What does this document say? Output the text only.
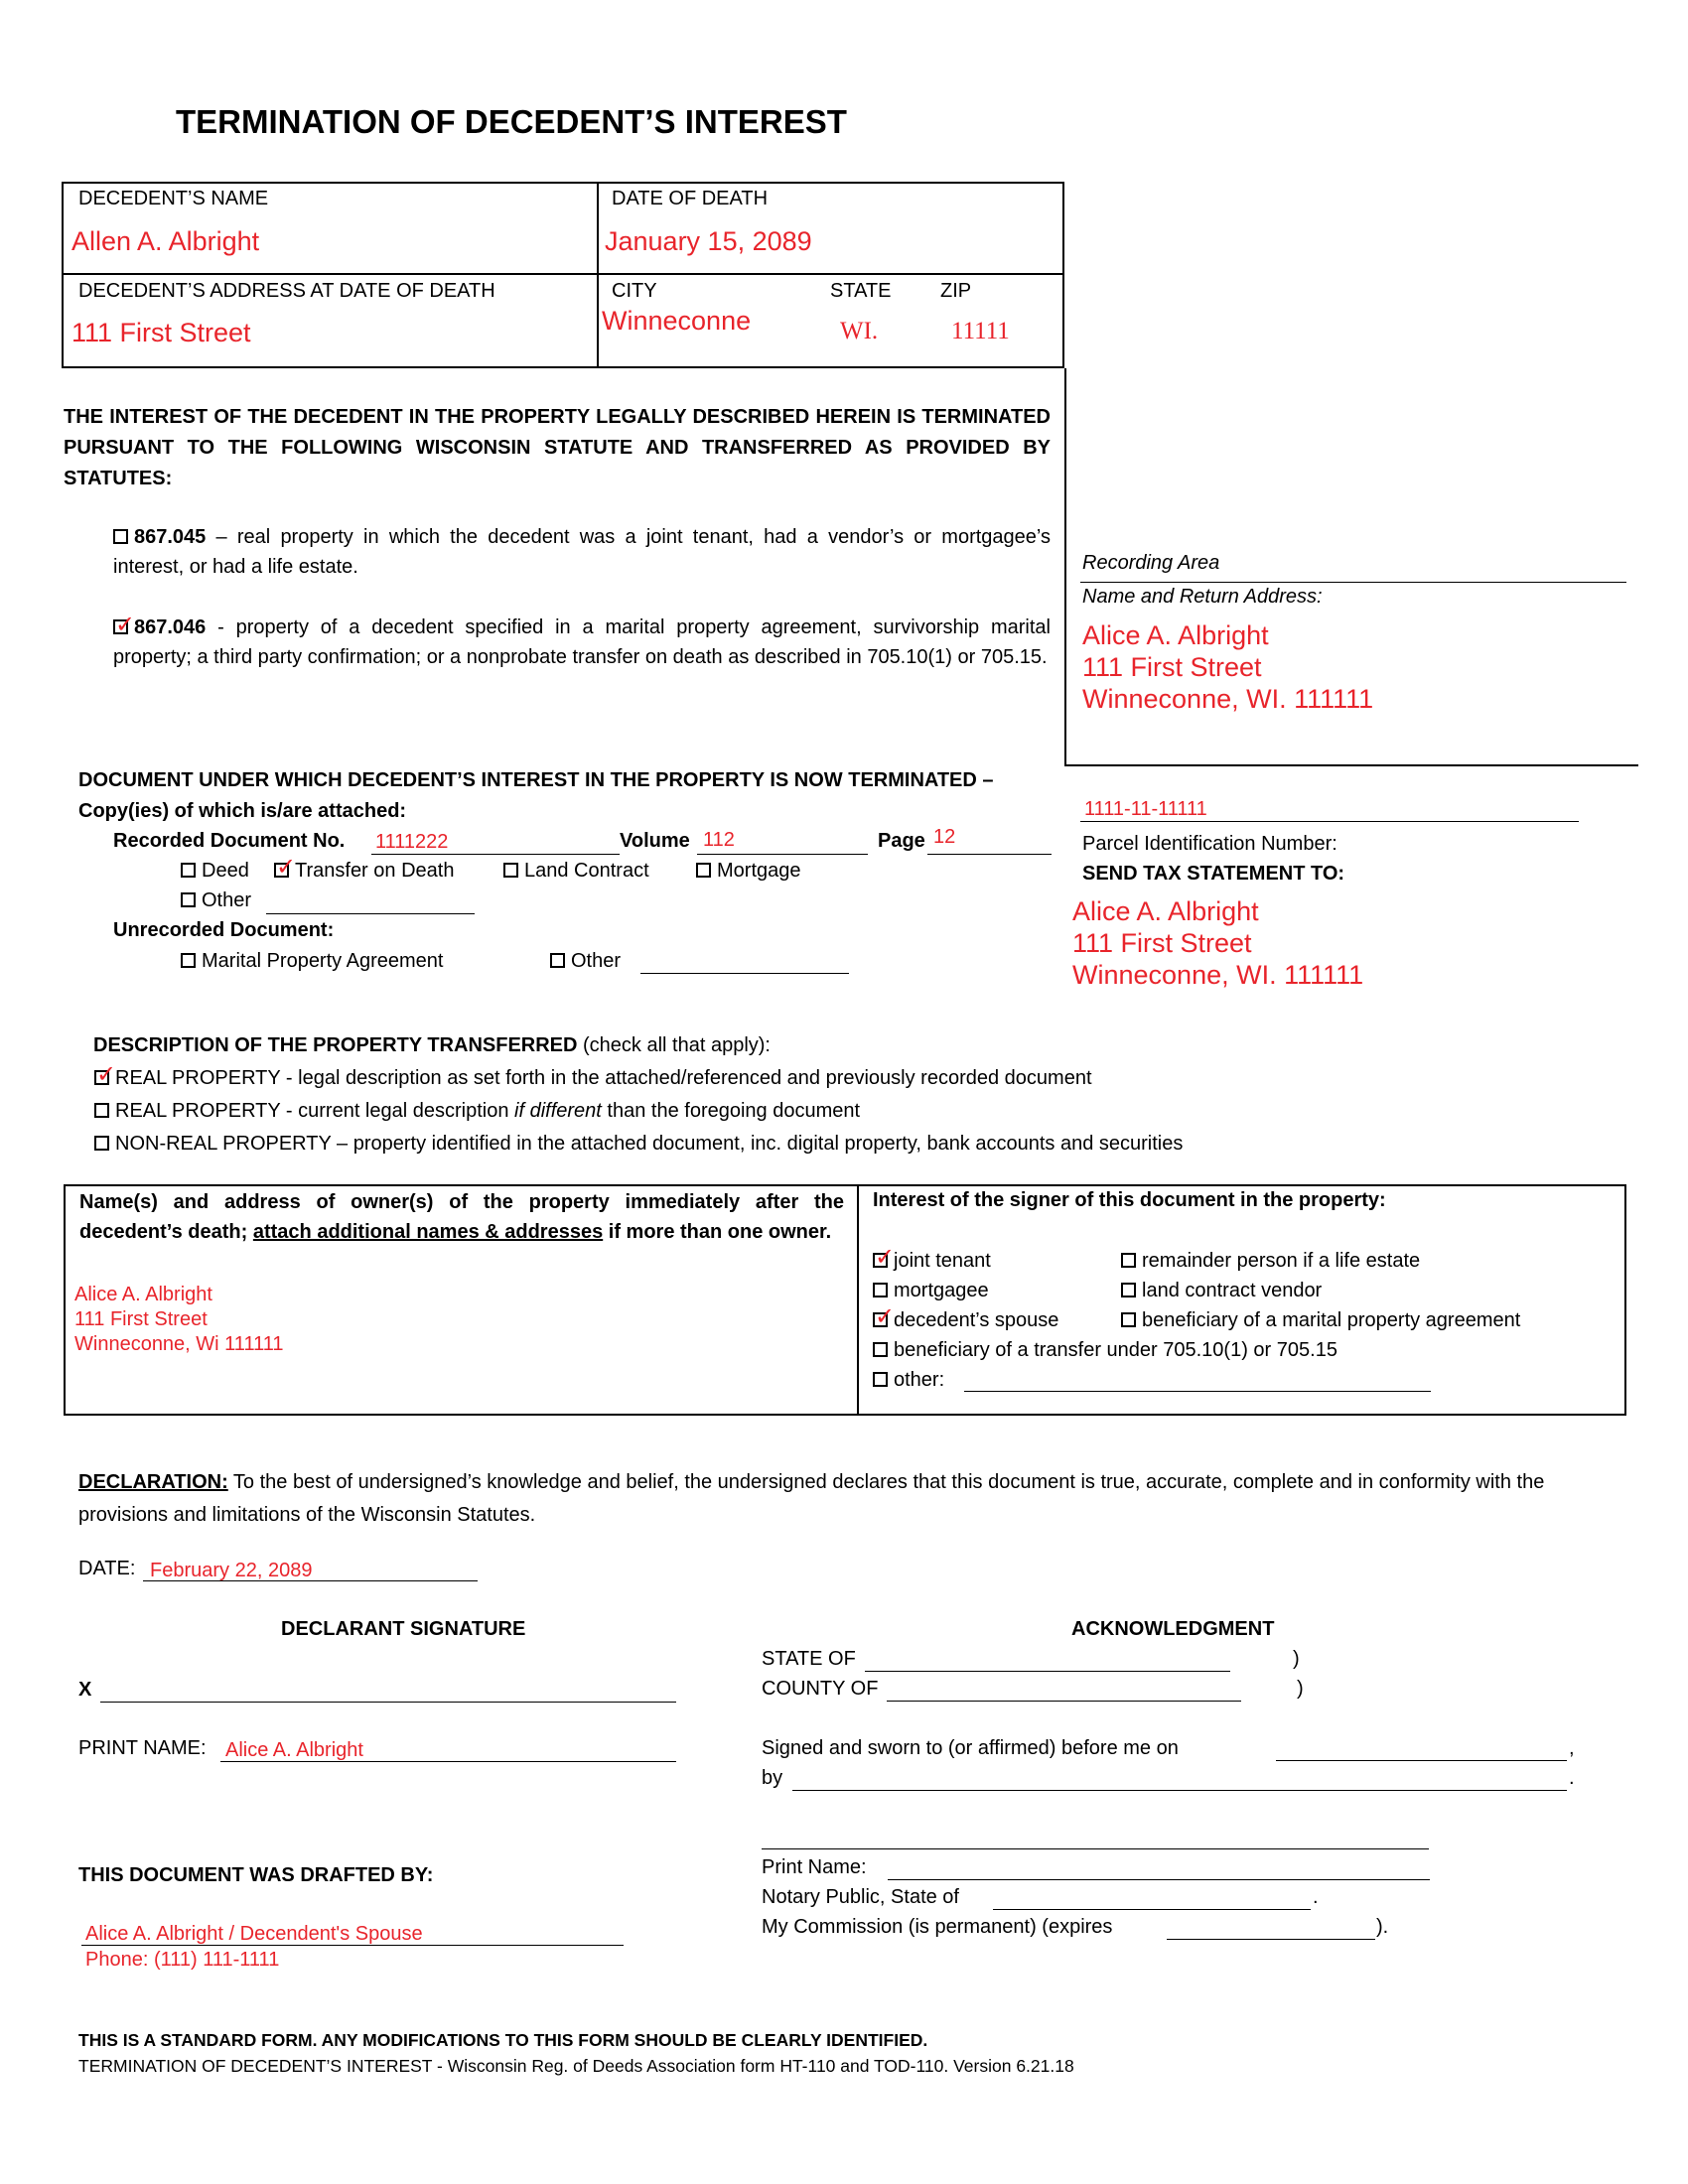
TERMINATION OF DECEDENT’S INTEREST
DECEDENT’S NAME
Allen A. Albright
DATE OF DEATH
January 15, 2089
DECEDENT’S ADDRESS AT DATE OF DEATH
111 First Street
CITY
Winneconne
STATE
WI.
ZIP
11111
Recording Area
Name and Return Address:
Alice A. Albright
111 First Street
Winneconne, WI. 111111
THE INTEREST OF THE DECEDENT IN THE PROPERTY LEGALLY DESCRIBED HEREIN IS TERMINATED PURSUANT TO THE FOLLOWING WISCONSIN STATUTE AND TRANSFERRED AS PROVIDED BY STATUTES:
867.045 – real property in which the decedent was a joint tenant, had a vendor’s or mortgagee’s interest, or had a life estate.
✓867.046 - property of a decedent specified in a marital property agreement, survivorship marital property; a third party confirmation; or a nonprobate transfer on death as described in 705.10(1) or 705.15.
DOCUMENT UNDER WHICH DECEDENT’S INTEREST IN THE PROPERTY IS NOW TERMINATED –
Copy(ies) of which is/are attached:
Recorded Document No. 1111222	Volume 112	Page 12
Deed
✓	Transfer on Death	Land Contract	Mortgage
Other
Unrecorded Document:
Marital Property Agreement	Other
1111-11-11111
Parcel Identification Number:
SEND TAX STATEMENT TO:
Alice A. Albright
111 First Street
Winneconne, WI. 111111
DESCRIPTION OF THE PROPERTY TRANSFERRED (check all that apply):
✓REAL PROPERTY - legal description as set forth in the attached/referenced and previously recorded document
REAL PROPERTY - current legal description if different than the foregoing document
NON-REAL PROPERTY – property identified in the attached document, inc. digital property, bank accounts and securities
Name(s) and address of owner(s) of the property immediately after the decedent’s death; attach additional names & addresses if more than one owner.
Alice A. Albright
111 First Street
Winneconne, Wi 111111
Interest of the signer of this document in the property:
✓joint tenant
mortgagee
✓decedent’s spouse
remainder person if a life estate
land contract vendor
beneficiary of a marital property agreement
beneficiary of a transfer under 705.10(1) or 705.15
other:
DECLARATION: To the best of undersigned’s knowledge and belief, the undersigned declares that this document is true, accurate, complete and in conformity with the provisions and limitations of the Wisconsin Statutes.
DATE: February 22, 2089
DECLARANT SIGNATURE
X
PRINT NAME: Alice A. Albright
THIS DOCUMENT WAS DRAFTED BY:
Alice A. Albright / Decendent's Spouse
Phone: (111) 111-1111
ACKNOWLEDGMENT
STATE OF	)
COUNTY OF	)
Signed and sworn to (or affirmed) before me on	,
by	.
Print Name:
Notary Public, State of	.
My Commission (is permanent) (expires	).
THIS IS A STANDARD FORM. ANY MODIFICATIONS TO THIS FORM SHOULD BE CLEARLY IDENTIFIED.
TERMINATION OF DECEDENT’S INTEREST - Wisconsin Reg. of Deeds Association form HT-110 and TOD-110. Version 6.21.18
